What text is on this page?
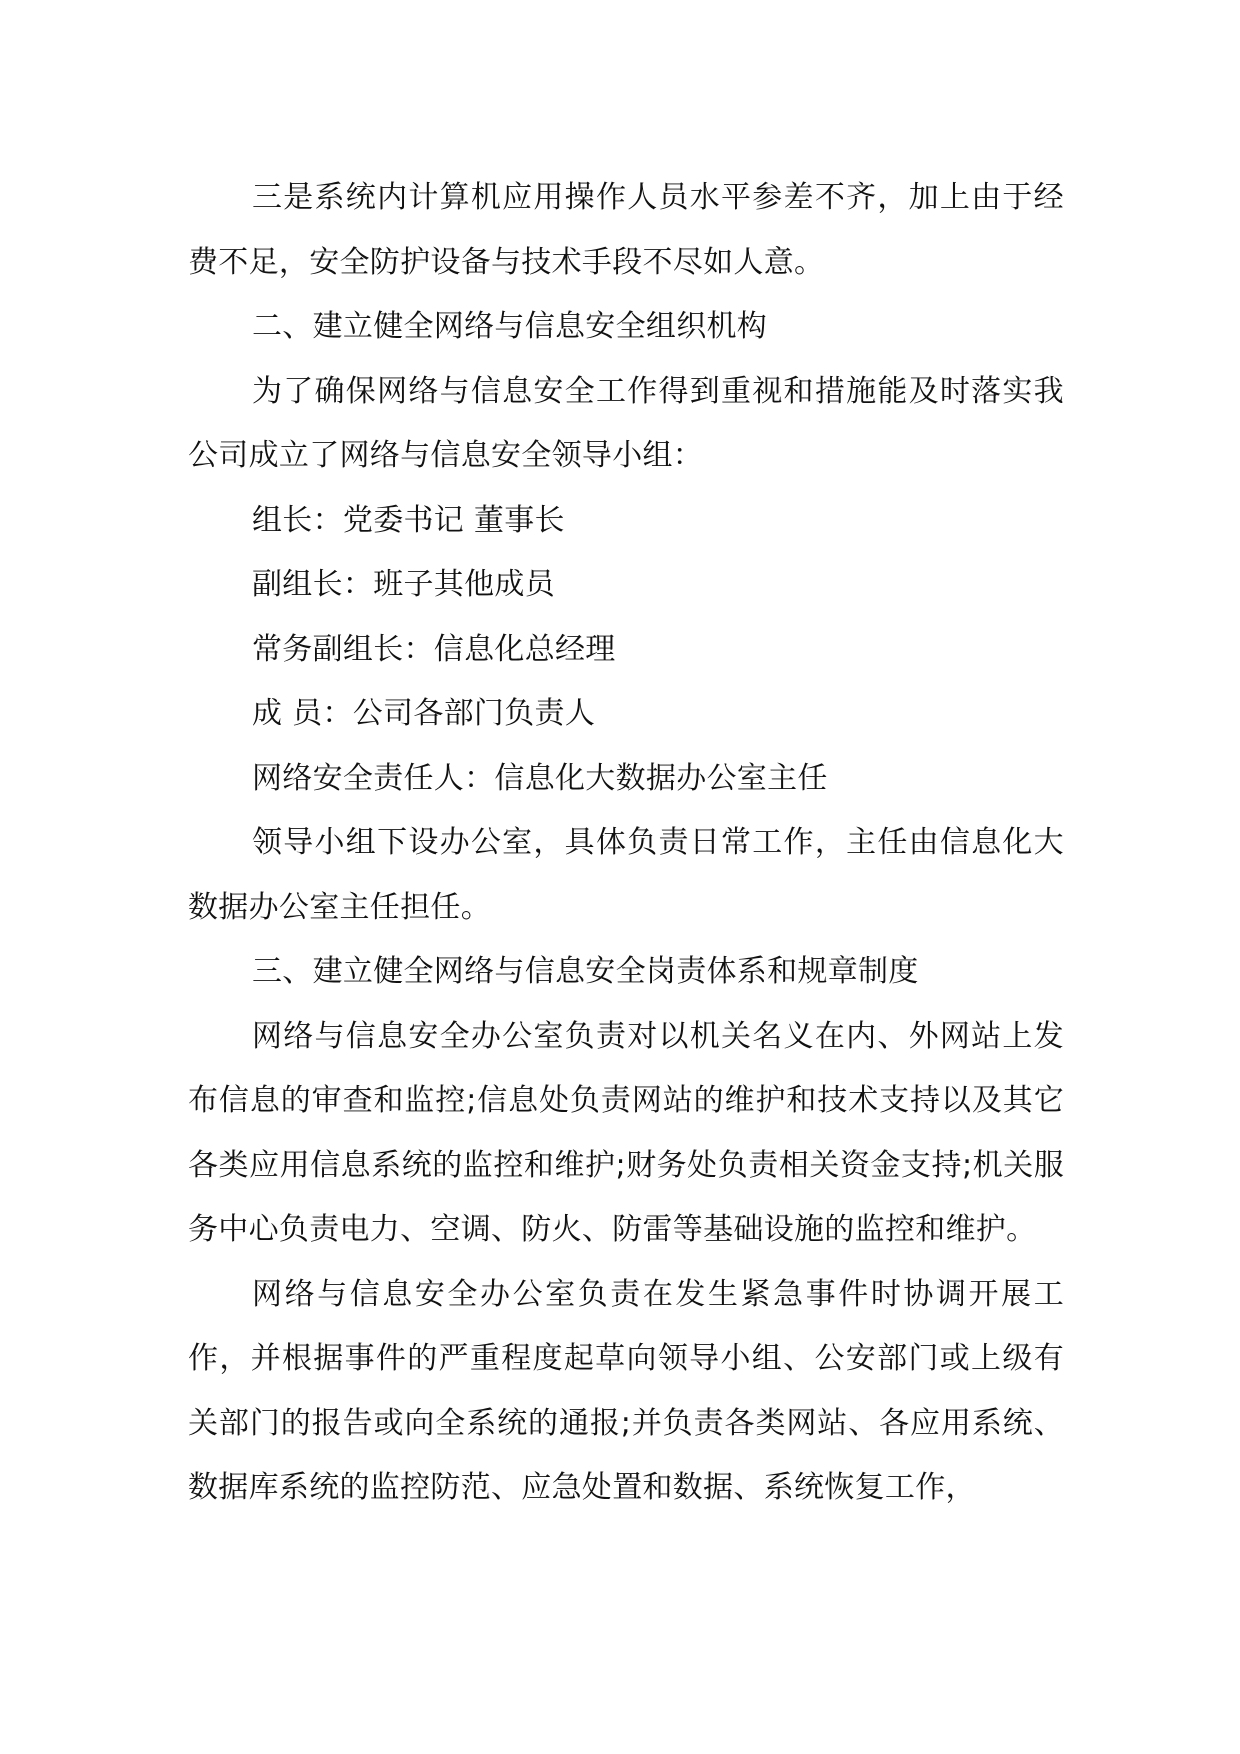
三是系统内计算机应用操作人员水平参差不齐，加上由于经费不足，安全防护设备与技术手段不尽如人意。

二、建立健全网络与信息安全组织机构

为了确保网络与信息安全工作得到重视和措施能及时落实我公司成立了网络与信息安全领导小组：

组长：党委书记 董事长

副组长：班子其他成员

常务副组长：信息化总经理

成 员：公司各部门负责人

网络安全责任人：信息化大数据办公室主任

领导小组下设办公室，具体负责日常工作，主任由信息化大数据办公室主任担任。

三、建立健全网络与信息安全岗责体系和规章制度

网络与信息安全办公室负责对以机关名义在内、外网站上发布信息的审查和监控;信息处负责网站的维护和技术支持以及其它各类应用信息系统的监控和维护;财务处负责相关资金支持;机关服务中心负责电力、空调、防火、防雷等基础设施的监控和维护。

网络与信息安全办公室负责在发生紧急事件时协调开展工作，并根据事件的严重程度起草向领导小组、公安部门或上级有关部门的报告或向全系统的通报;并负责各类网站、各应用系统、数据库系统的监控防范、应急处置和数据、系统恢复工作，
